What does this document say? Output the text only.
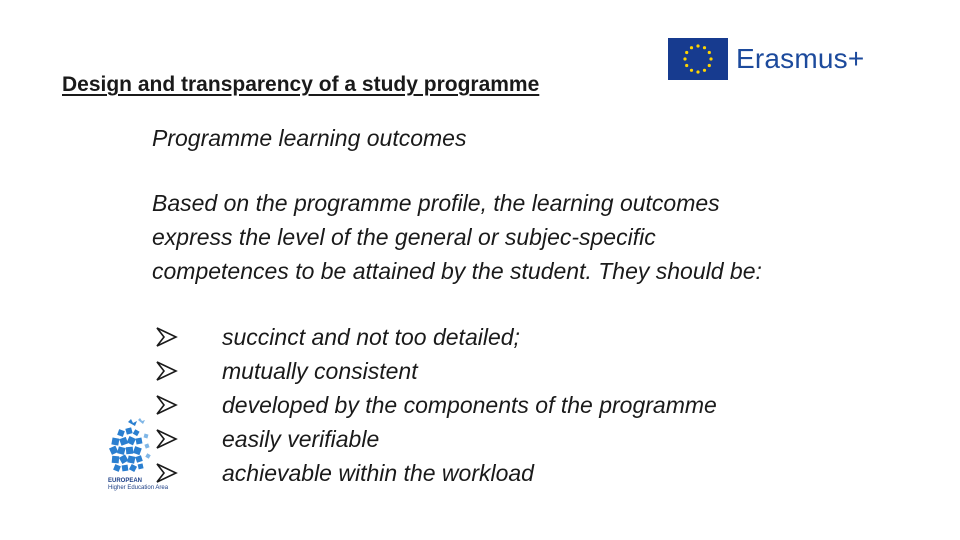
Design and transparency of a study programme
Erasmus+
Programme learning outcomes
Based on the programme profile, the learning outcomes
express the level of the general or subjec-specific
competences to be attained by the student. They should be:
succinct and not too detailed;
mutually consistent
developed by the components of the programme
easily verifiable
achievable within the workload
EUROPEAN
Higher Education Area
